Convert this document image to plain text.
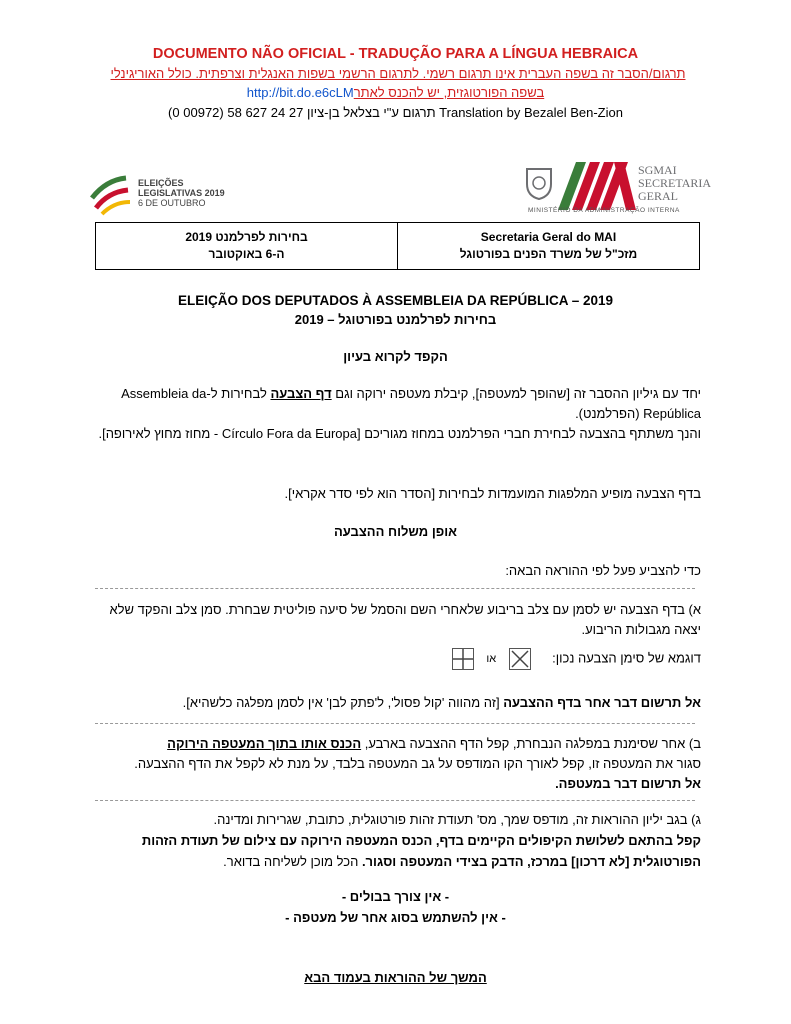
DOCUMENTO NÃO OFICIAL - TRADUÇÃO PARA A LÍNGUA HEBRAICA
תרגום/הסבר זה בשפה העברית אינו תרגום רשמי. לתרגום הרשמי בשפות האנגלית וצרפתית. כולל האוריגינלי
http://bit.do.e6cLMבשפה הפורטוגזית, יש להכנס לאתר
תרגום ע"י בצלאל בן-ציון 27 24 627 58 (00972 0) Translation by Bezalel Ben-Zion
ELEIÇÕES
LEGISLATIVAS 2019
6 DE OUTUBRO
SGMAI
SECRETARIA
GERAL
MINISTÉRIO DA ADMINISTRAÇÃO INTERNA
בחירות לפרלמנט 2019
ה-6 באוקטובר

Secretaria Geral do MAI
מזכ"ל של משרד הפנים בפורטוגל
ELEIÇÃO DOS DEPUTADOS À ASSEMBLEIA DA REPÚBLICA – 2019
בחירות לפרלמנט בפורטוגל – 2019
הקפד לקרוא בעיון
יחד עם גיליון ההסבר זה [שהופך למעטפה], קיבלת מעטפה ירוקה וגם דף הצבעה לבחירות ל-Assembleia da República (הפרלמנט).
והנך משתתף בהצבעה לבחירת חברי הפרלמנט במחוז מגוריכם [Círculo Fora da Europa - מחוז מחוץ לאירופה].
בדף הצבעה מופיע המלפגות המועמדות לבחירות [הסדר הוא לפי סדר אקראי].
אופן משלוח ההצבעה
כדי להצביע פעל לפי ההוראה הבאה:
א) בדף הצבעה יש לסמן עם צלב בריבוע שלאחרי השם והסמל של סיעה פוליטית שבחרת. סמן צלב והפקד שלא יצאה מגבולות הריבוע.
דוגמא של סימן הצבעה נכון:
או
אל תרשום דבר אחר בדף ההצבעה [זה מהווה 'קול פסול', ל'פתק לבן' אין לסמן מפלגה כלשהיא].
ב) אחר שסימנת במפלגה הנבחרת, קפל הדף ההצבעה בארבע, הכנס אותו בתוך המעטפה הירוקה
סגור את המעטפה זו, קפל לאורך הקו המודפס על גב המעטפה בלבד, על מנת לא לקפל את הדף ההצבעה.
אל תרשום דבר במעטפה.
ג) בגב יליון ההוראות זה, מודפס שמך, מס' תעודת זהות פורטוגלית, כתובת, שגרירות ומדינה.
קפל בהתאם לשלושת הקיפולים הקיימים בדף, הכנס המעטפה הירוקה עם צילום של תעודת הזהות הפורטוגלית [לא דרכון] במרכז, הדבק בצידי המעטפה וסגור. הכל מוכן לשליחה בדואר.
- אין צורך בבולים -
- אין להשתמש בסוג אחר של מעטפה -
המשך של ההוראות בעמוד הבא
